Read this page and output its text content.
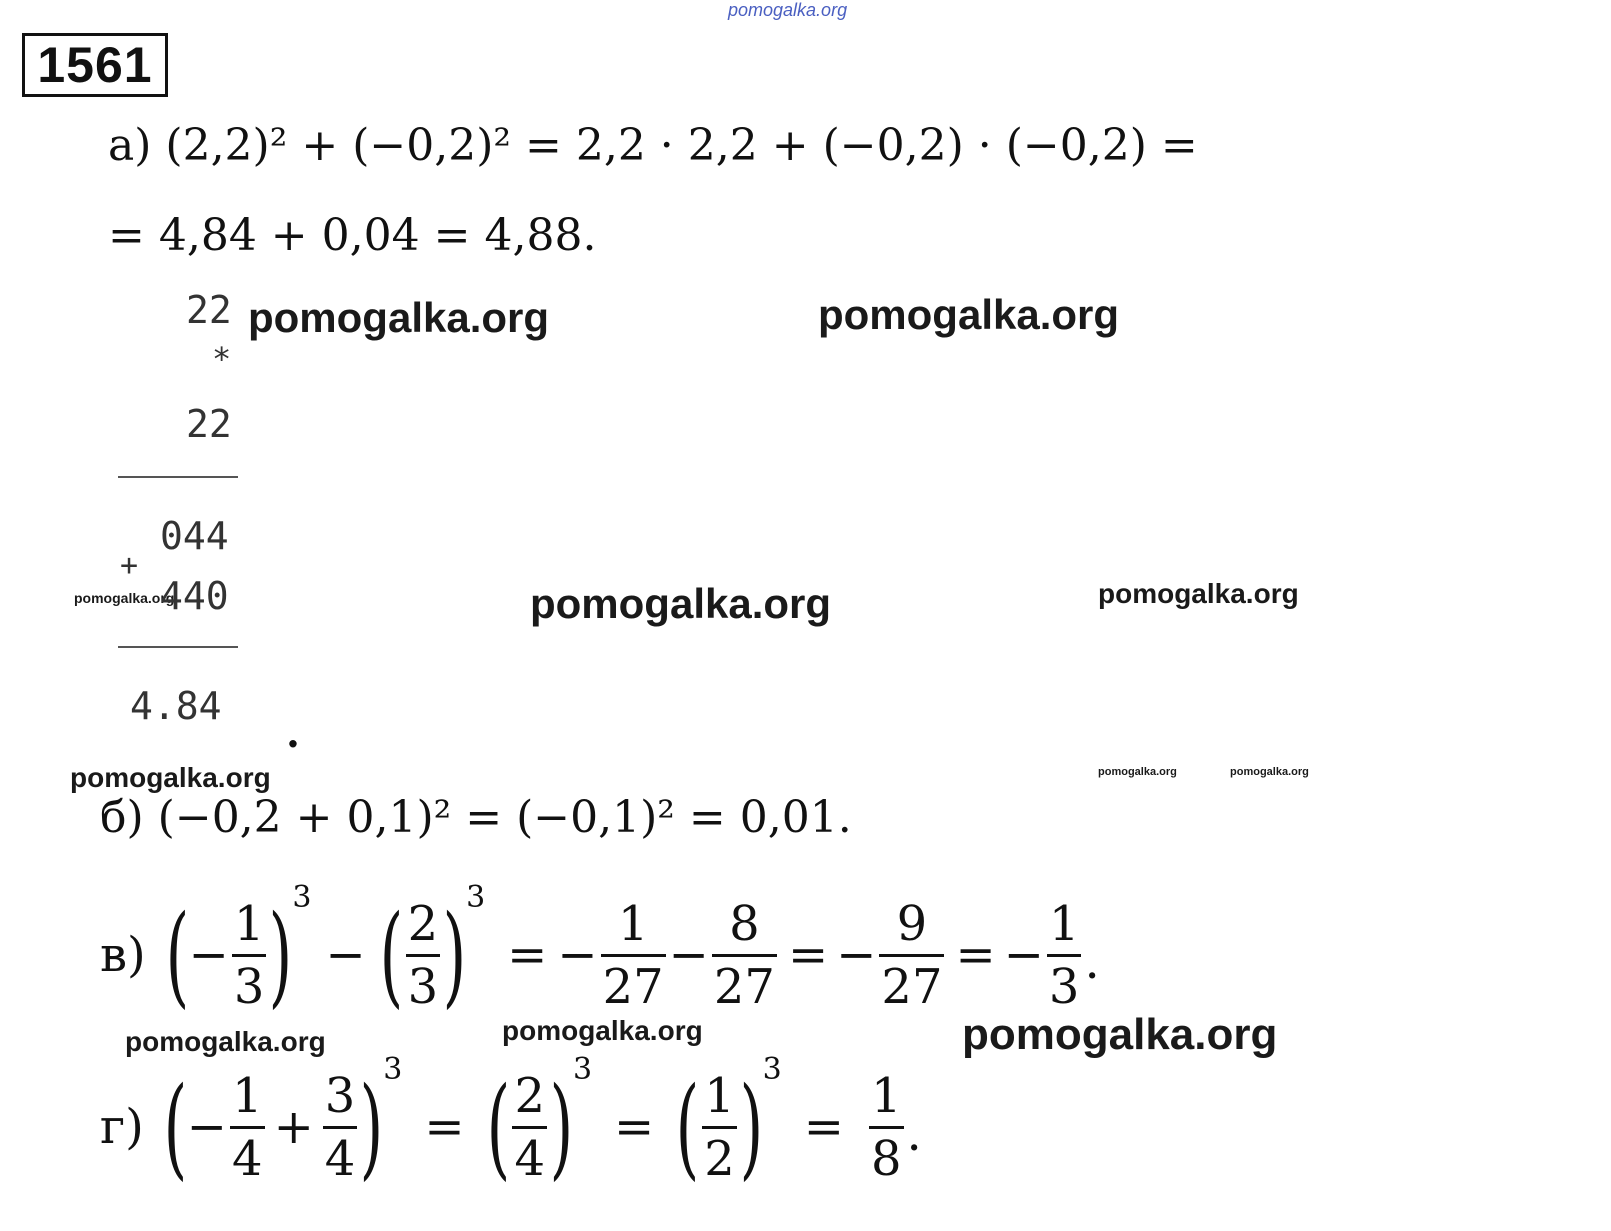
pomogalka.org
pomogalka.org	pomogalka.org
pomogalka.org	pomogalka.org
pomogalka.org
pomogalka.org	pomogalka.org	pomogalka.org
pomogalka.org	pomogalka.org	pomogalka.org
1561
а)
(2,2)² + (−0,2)² = 2,2 · 2,2 + (−0,2) · (−0,2) =
= 4,84 + 0,04 = 4,88.
22
*
22
044
+
440
4.84
.
б)
(−0,2 + 0,1)² = (−0,1)² = 0,01.
в) ( − $\frac{1}{3}$ ) 3
− ( $\frac{2}{3}$ ) 3
= − $\frac{1}{27} - \frac{8}{27}$ = − $\frac{9}{27}$ = − $\frac{1}{3}$ .
г) ( − $\frac{1}{4} + \frac{3}{4}$ ) 3
= ( $\frac{2}{4}$ ) 3
= ( $\frac{1}{2}$ ) 3
= $\frac{1}{8}$ .
